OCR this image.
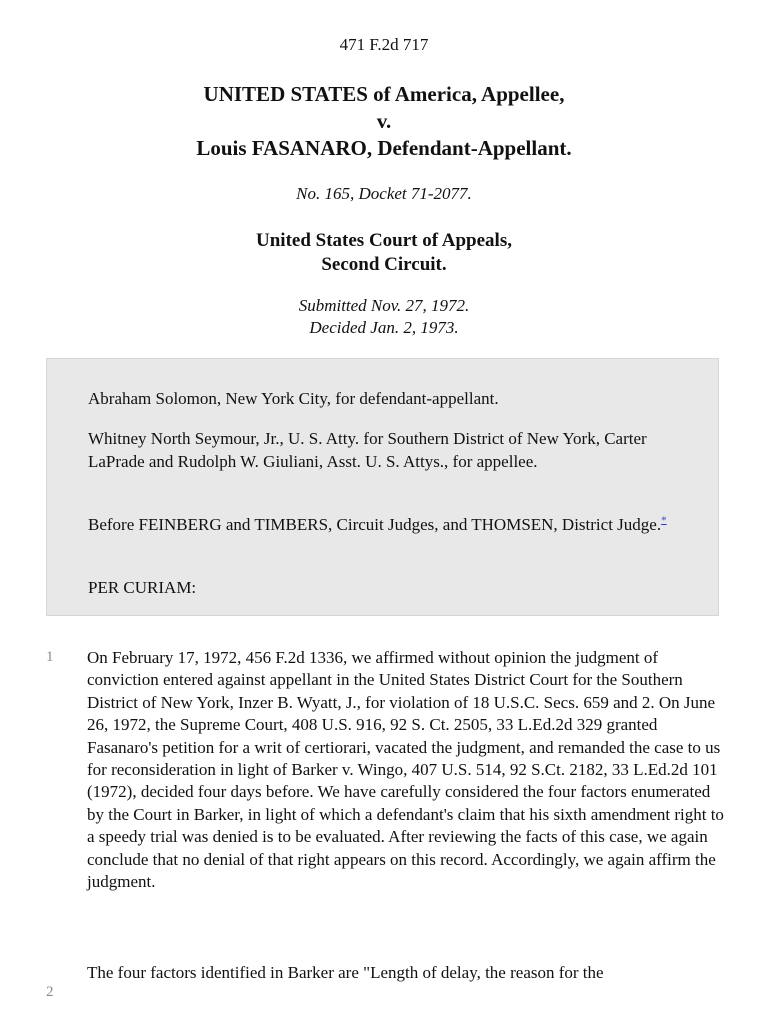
471 F.2d 717
UNITED STATES of America, Appellee,
v.
Louis FASANARO, Defendant-Appellant.
No. 165, Docket 71-2077.
United States Court of Appeals,
Second Circuit.
Submitted Nov. 27, 1972.
Decided Jan. 2, 1973.

Abraham Solomon, New York City, for defendant-appellant.

Whitney North Seymour, Jr., U. S. Atty. for Southern District of New York, Carter LaPrade and Rudolph W. Giuliani, Asst. U. S. Attys., for appellee.

Before FEINBERG and TIMBERS, Circuit Judges, and THOMSEN, District Judge.*

PER CURIAM:

1 On February 17, 1972, 456 F.2d 1336, we affirmed without opinion the judgment of conviction entered against appellant in the United States District Court for the Southern District of New York, Inzer B. Wyatt, J., for violation of 18 U.S.C. Secs. 659 and 2. On June 26, 1972, the Supreme Court, 408 U.S. 916, 92 S. Ct. 2505, 33 L.Ed.2d 329 granted Fasanaro's petition for a writ of certiorari, vacated the judgment, and remanded the case to us for reconsideration in light of Barker v. Wingo, 407 U.S. 514, 92 S.Ct. 2182, 33 L.Ed.2d 101 (1972), decided four days before. We have carefully considered the four factors enumerated by the Court in Barker, in light of which a defendant's claim that his sixth amendment right to a speedy trial was denied is to be evaluated. After reviewing the facts of this case, we again conclude that no denial of that right appears on this record. Accordingly, we again affirm the judgment.

2

The four factors identified in Barker are "Length of delay, the reason for the
